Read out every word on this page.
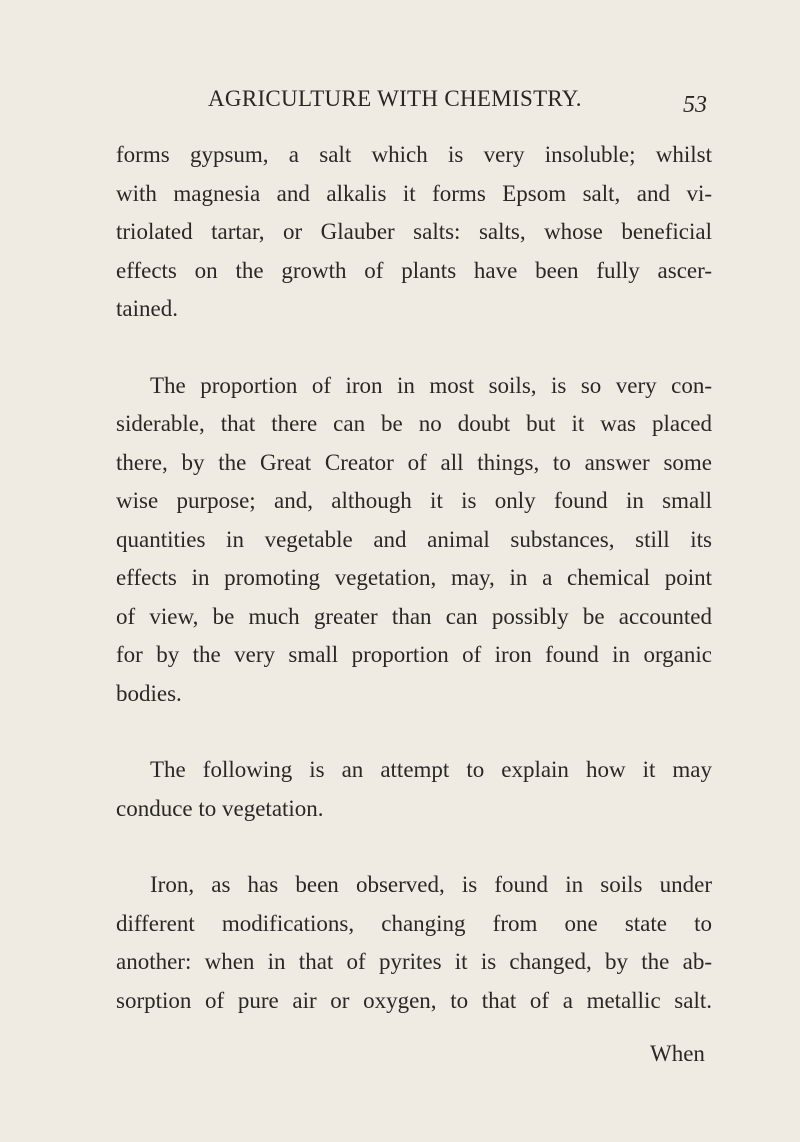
AGRICULTURE WITH CHEMISTRY.	53

forms gypsum, a salt which is very insoluble; whilst
with magnesia and alkalis it forms Epsom salt, and vi-
triolated tartar, or Glauber salts: salts, whose beneficial
effects on the growth of plants have been fully ascer-
tained.

The proportion of iron in most soils, is so very con-
siderable, that there can be no doubt but it was placed
there, by the Great Creator of all things, to answer some
wise purpose; and, although it is only found in small
quantities in vegetable and animal substances, still its
effects in promoting vegetation, may, in a chemical point
of view, be much greater than can possibly be accounted
for by the very small proportion of iron found in organic
bodies.

The following is an attempt to explain how it may
conduce to vegetation.

Iron, as has been observed, is found in soils under
different modifications, changing from one state to
another: when in that of pyrites it is changed, by the ab-
sorption of pure air or oxygen, to that of a metallic salt.

When
